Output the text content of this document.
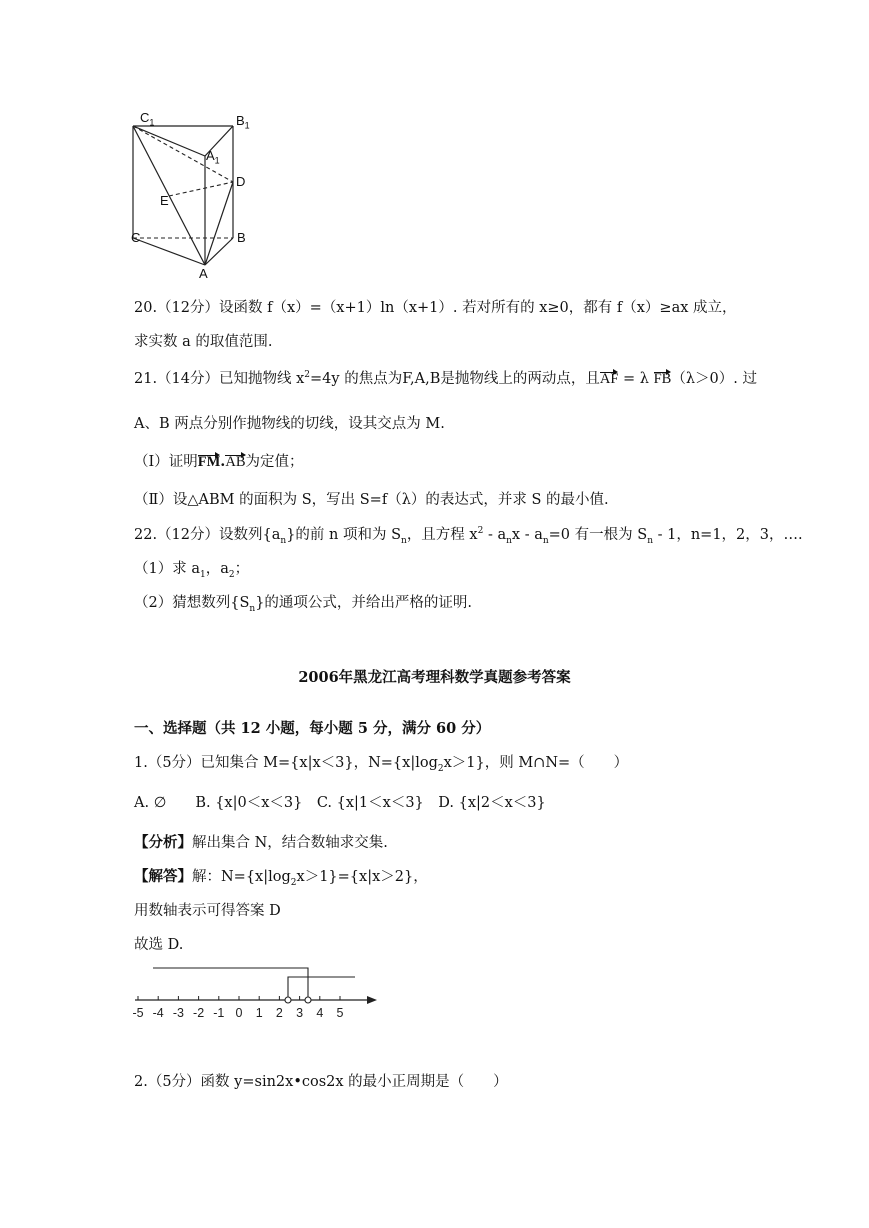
$C_1$	$B_1$
$A_1$
D
E
C	B
A
20.（12分）设函数 f（x）=（x+1）ln（x+1）. 若对所有的 x≥0，都有 f（x）≥ax 成立，
求实数 a 的取值范围.
21.（14分）已知抛物线 $x^2=4y$ 的焦点为F,A,B是抛物线上的两动点，且AF = λ FB（λ＞0）. 过
A、B 两点分别作抛物线的切线，设其交点为 M.
（Ⅰ）证明FM.AB为定值；
（Ⅱ）设△ABM 的面积为 S，写出 S=f（λ）的表达式，并求 S 的最小值.
22.（12分）设数列$\{a_n\}$的前 n 项和为 $S_n$，且方程 $x^2 - a_nx - a_n=0$ 有一根为 $S_n - 1$，n=1，2，3，….
（1）求 $a_1$，$a_2$；
（2）猜想数列$\{S_n\}$的通项公式，并给出严格的证明.
2006年黑龙江高考理科数学真题参考答案
一、选择题（共 12 小题，每小题 5 分，满分 60 分）
1.（5分）已知集合 M={x|x＜3}，$N=\{x|\log_2x>1\}$，则 M∩N=（　　）
A. ∅　　B. {x|0＜x＜3}　C. {x|1＜x＜3}　D. {x|2＜x＜3}
【分析】解出集合 N，结合数轴求交集.
【解答】解：$N=\{x|\log_2x>1\}=\{x|x>2\}$，
用数轴表示可得答案 D
故选 D.
-5 -4 -3 -2 -1 0 1 2 3 4 5
2.（5分）函数 y=sin2x•cos2x 的最小正周期是（　　）
